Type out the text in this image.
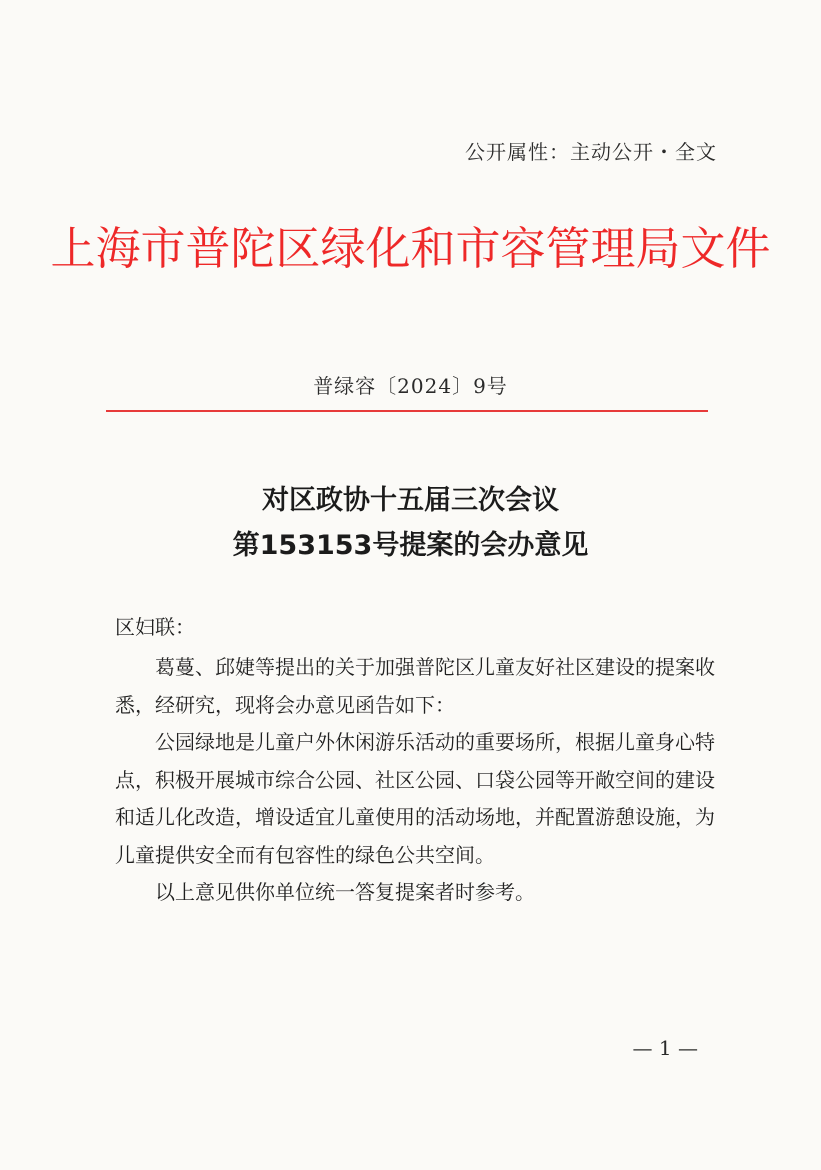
公开属性：主动公开・全文
上海市普陀区绿化和市容管理局文件
普绿容〔2024〕9号
对区政协十五届三次会议
第153153号提案的会办意见
区妇联：

葛蔓、邱婕等提出的关于加强普陀区儿童友好社区建设的提案收悉，经研究，现将会办意见函告如下：

公园绿地是儿童户外休闲游乐活动的重要场所，根据儿童身心特点，积极开展城市综合公园、社区公园、口袋公园等开敞空间的建设和适儿化改造，增设适宜儿童使用的活动场地，并配置游憩设施，为儿童提供安全而有包容性的绿色公共空间。

以上意见供你单位统一答复提案者时参考。

— 1 —
